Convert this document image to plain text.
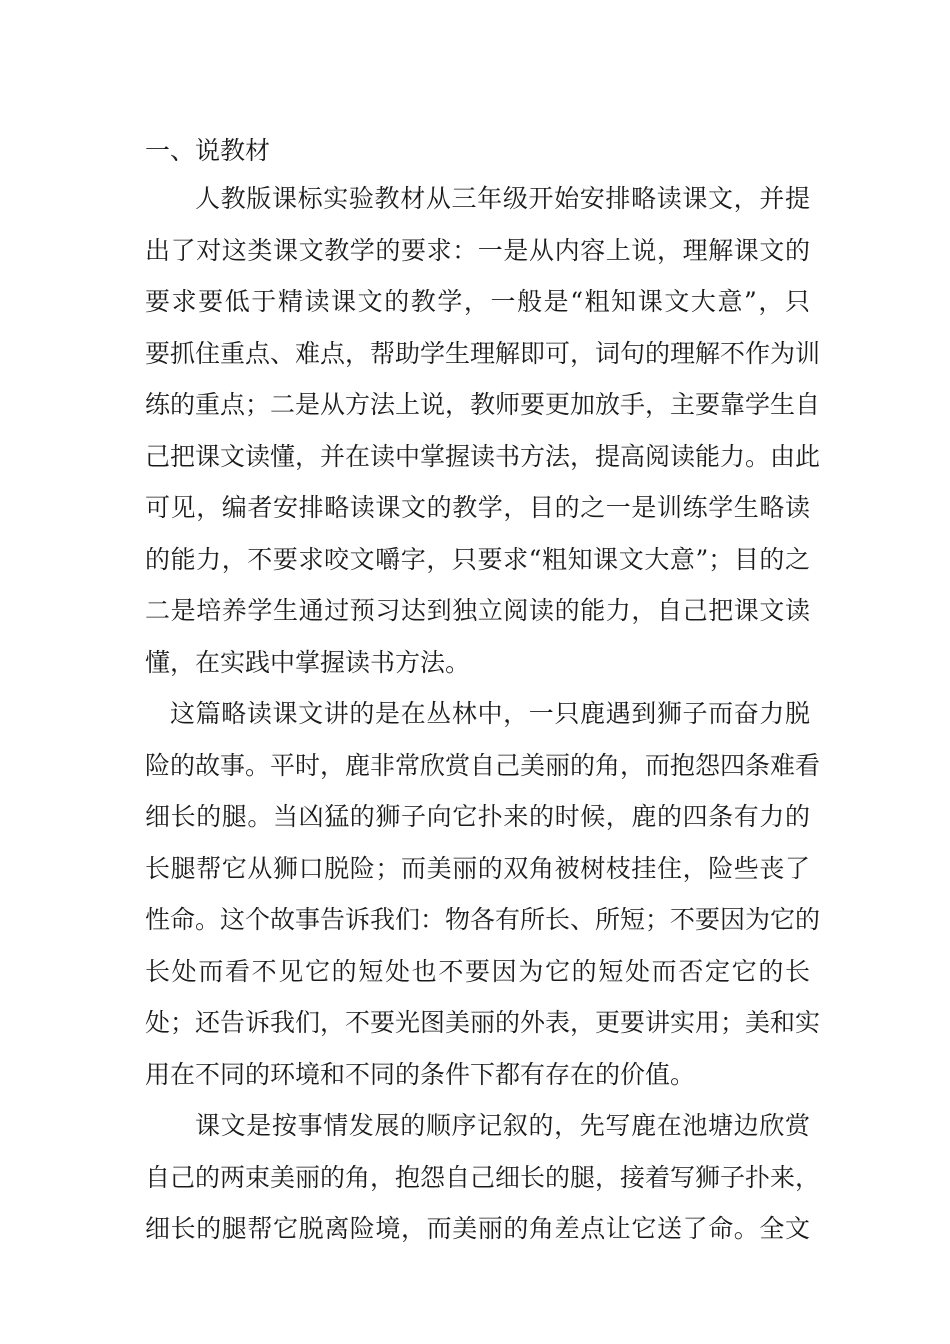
一、说教材
人教版课标实验教材从三年级开始安排略读课文，并提
出了对这类课文教学的要求：一是从内容上说，理解课文的
要求要低于精读课文的教学，一般是“粗知课文大意”，只
要抓住重点、难点，帮助学生理解即可，词句的理解不作为训
练的重点；二是从方法上说，教师要更加放手，主要靠学生自
己把课文读懂，并在读中掌握读书方法，提高阅读能力。由此
可见，编者安排略读课文的教学，目的之一是训练学生略读
的能力，不要求咬文嚼字，只要求“粗知课文大意”；目的之
二是培养学生通过预习达到独立阅读的能力，自己把课文读
懂，在实践中掌握读书方法。
这篇略读课文讲的是在丛林中，一只鹿遇到狮子而奋力脱
险的故事。平时，鹿非常欣赏自己美丽的角，而抱怨四条难看
细长的腿。当凶猛的狮子向它扑来的时候，鹿的四条有力的
长腿帮它从狮口脱险；而美丽的双角被树枝挂住，险些丧了
性命。这个故事告诉我们：物各有所长、所短；不要因为它的
长处而看不见它的短处也不要因为它的短处而否定它的长
处；还告诉我们，不要光图美丽的外表，更要讲实用；美和实
用在不同的环境和不同的条件下都有存在的价值。
课文是按事情发展的顺序记叙的，先写鹿在池塘边欣赏
自己的两束美丽的角，抱怨自己细长的腿，接着写狮子扑来，
细长的腿帮它脱离险境，而美丽的角差点让它送了命。全文
